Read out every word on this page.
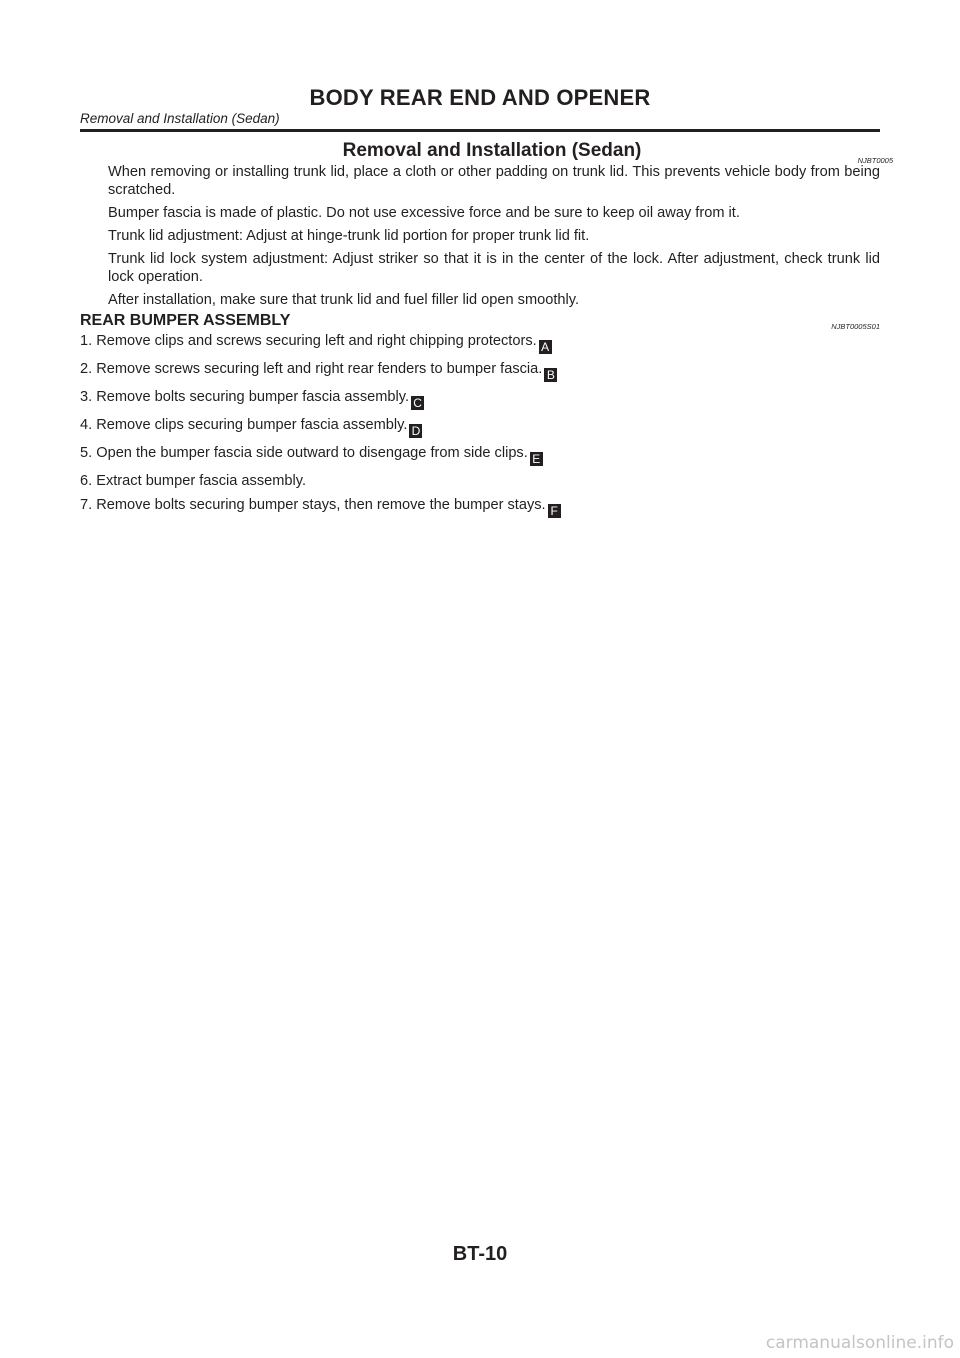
BODY REAR END AND OPENER
Removal and Installation (Sedan)
Removal and Installation (Sedan)	NJBT0005

When removing or installing trunk lid, place a cloth or other padding on trunk lid. This prevents vehicle body from being scratched.

Bumper fascia is made of plastic. Do not use excessive force and be sure to keep oil away from it.

Trunk lid adjustment: Adjust at hinge-trunk lid portion for proper trunk lid fit.

Trunk lid lock system adjustment: Adjust striker so that it is in the center of the lock. After adjustment, check trunk lid lock operation.

After installation, make sure that trunk lid and fuel filler lid open smoothly.

REAR BUMPER ASSEMBLY	NJBT0005S01
1. Remove clips and screws securing left and right chipping protectors. A
2. Remove screws securing left and right rear fenders to bumper fascia. B
3. Remove bolts securing bumper fascia assembly. C
4. Remove clips securing bumper fascia assembly. D
5. Open the bumper fascia side outward to disengage from side clips. E
6. Extract bumper fascia assembly.
7. Remove bolts securing bumper stays, then remove the bumper stays. F
BT-10
carmanualsonline.info
